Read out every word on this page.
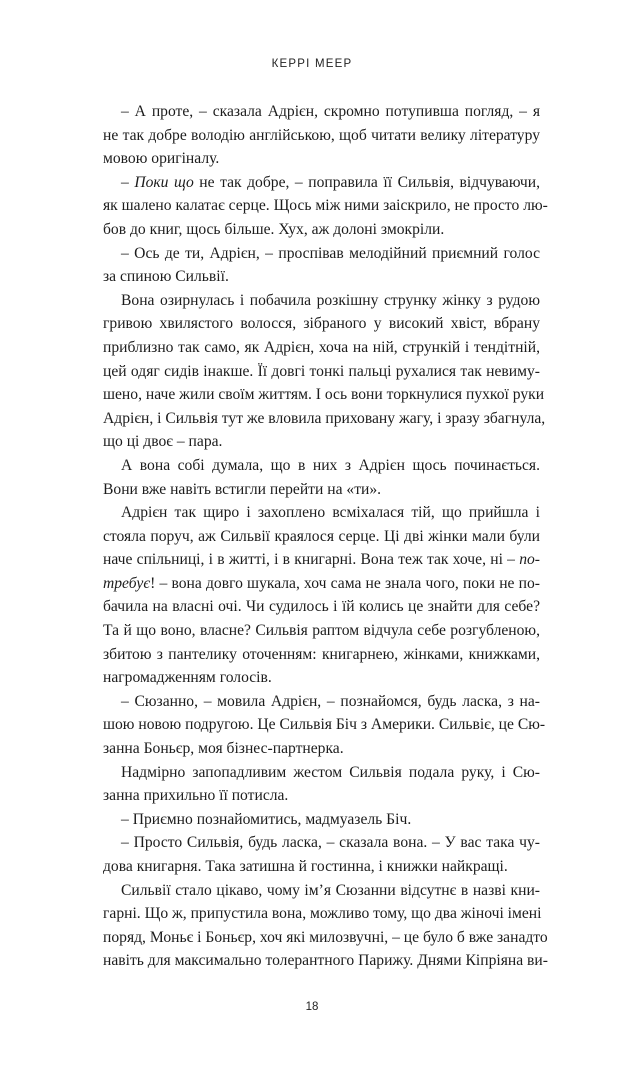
КЕРРІ МЕЕР

– А проте, – сказала Адрієн, скромно потупивша погляд, – я
не так добре володію англійською, щоб читати велику літературу
мовою оригіналу.

– Поки що не так добре, – поправила її Сильвія, відчуваючи,
як шалено калатає серце. Щось між ними заіскрило, не просто лю-
бов до книг, щось більше. Хух, аж долоні змокріли.

– Ось де ти, Адрієн, – проспівав мелодійний приємний голос
за спиною Сильвії.

Вона озирнулась і побачила розкішну струнку жінку з рудою
гривою хвилястого волосся, зібраного у високий хвіст, вбрану
приблизно так само, як Адрієн, хоча на ній, стрункій і тендітній,
цей одяг сидів інакше. Її довгі тонкі пальці рухалися так невиму-
шено, наче жили своїм життям. І ось вони торкнулися пухкої руки
Адрієн, і Сильвія тут же вловила приховану жагу, і зразу збагнула,
що ці двоє – пара.

А вона собі думала, що в них з Адрієн щось починається.
Вони вже навіть встигли перейти на «ти».

Адрієн так щиро і захоплено всміхалася тій, що прийшла і
стояла поруч, аж Сильвії краялося серце. Ці дві жінки мали були
наче спільниці, і в житті, і в книгарні. Вона теж так хоче, ні – по-
требує! – вона довго шукала, хоч сама не знала чого, поки не по-
бачила на власні очі. Чи судилось і їй колись це знайти для себе?
Та й що воно, власне? Сильвія раптом відчула себе розгубленою,
збитою з пантелику оточенням: книгарнею, жінками, книжками,
нагромадженням голосів.

– Сюзанно, – мовила Адрієн, – познайомся, будь ласка, з на-
шою новою подругою. Це Сильвія Біч з Америки. Сильвіє, це Сю-
занна Боньєр, моя бізнес-партнерка.

Надмірно запопадливим жестом Сильвія подала руку, і Сю-
занна прихильно її потисла.

– Приємно познайомитись, мадмуазель Біч.

– Просто Сильвія, будь ласка, – сказала вона. – У вас така чу-
дова книгарня. Така затишна й гостинна, і книжки найкращі.

Сильвії стало цікаво, чому ім’я Сюзанни відсутнє в назві кни-
гарні. Що ж, припустила вона, можливо тому, що два жіночі імені
поряд, Моньє і Боньєр, хоч які милозвучні, – це було б вже занадто
навіть для максимально толерантного Парижу. Днями Кіпріяна ви-

18
